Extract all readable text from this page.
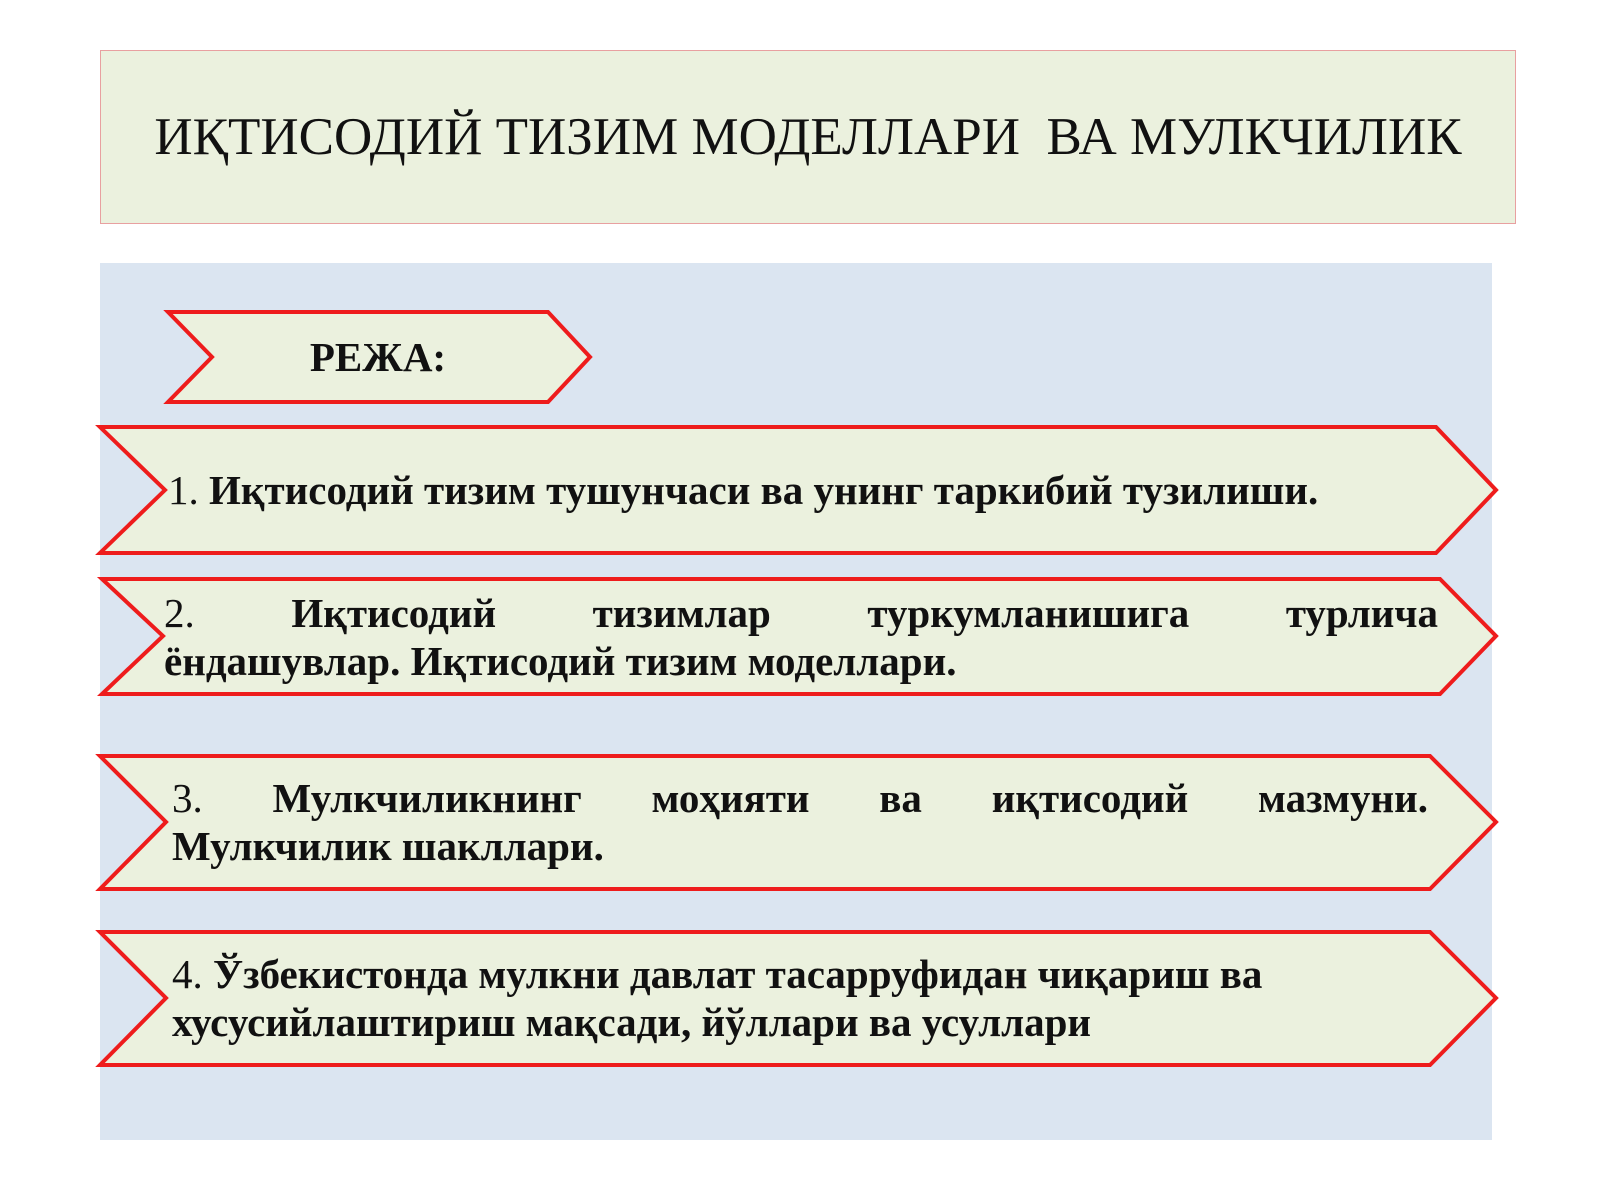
ИҚТИСОДИЙ ТИЗИМ МОДЕЛЛАРИ  ВА МУЛКЧИЛИК
РЕЖА:
1. Иқтисодий тизим тушунчаси ва унинг таркибий тузилиши.
2. Иқтисодий тизимлар туркумланишига турлича
ёндашувлар. Иқтисодий тизим моделлари.
3. Мулкчиликнинг моҳияти ва иқтисодий мазмуни.
Мулкчилик шакллари.
4. Ўзбекистонда мулкни давлат тасарруфидан чиқариш ва
хусусийлаштириш мақсади, йўллари ва усуллари
